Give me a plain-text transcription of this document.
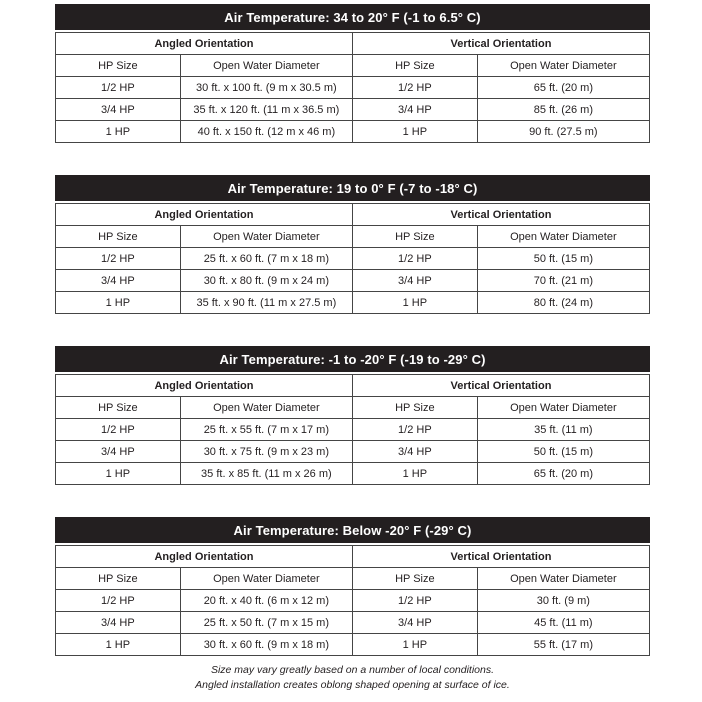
Air Temperature: 34 to 20° F (-1 to 6.5° C)
Angled Orientation		Vertical Orientation	
HP Size	Open Water Diameter	HP Size	Open Water Diameter
1/2 HP	30 ft. x 100 ft. (9 m x 30.5 m)	1/2 HP	65 ft. (20 m)
3/4 HP	35 ft. x 120 ft. (11 m x 36.5 m)	3/4 HP	85 ft. (26 m)
1 HP	40 ft. x 150 ft. (12 m x 46 m)	1 HP	90 ft. (27.5 m)
Air Temperature: 19 to 0° F (-7 to -18° C)
Angled Orientation		Vertical Orientation	
HP Size	Open Water Diameter	HP Size	Open Water Diameter
1/2 HP	25 ft. x 60 ft. (7 m x 18 m)	1/2 HP	50 ft. (15 m)
3/4 HP	30 ft. x 80 ft. (9 m x 24 m)	3/4 HP	70 ft. (21 m)
1 HP	35 ft. x 90 ft. (11 m x 27.5 m)	1 HP	80 ft. (24 m)
Air Temperature: -1 to -20° F (-19 to -29° C)
Angled Orientation		Vertical Orientation	
HP Size	Open Water Diameter	HP Size	Open Water Diameter
1/2 HP	25 ft. x 55 ft. (7 m x 17 m)	1/2 HP	35 ft. (11 m)
3/4 HP	30 ft. x 75 ft. (9 m x 23 m)	3/4 HP	50 ft. (15 m)
1 HP	35 ft. x 85 ft. (11 m x 26 m)	1 HP	65 ft. (20 m)
Air Temperature: Below -20° F (-29° C)
Angled Orientation		Vertical Orientation	
HP Size	Open Water Diameter	HP Size	Open Water Diameter
1/2 HP	20 ft. x 40 ft. (6 m x 12 m)	1/2 HP	30 ft. (9 m)
3/4 HP	25 ft. x 50 ft. (7 m x 15 m)	3/4 HP	45 ft. (11 m)
1 HP	30 ft. x 60 ft. (9 m x 18 m)	1 HP	55 ft. (17 m)
Size may vary greatly based on a number of local conditions.
Angled installation creates oblong shaped opening at surface of ice.
